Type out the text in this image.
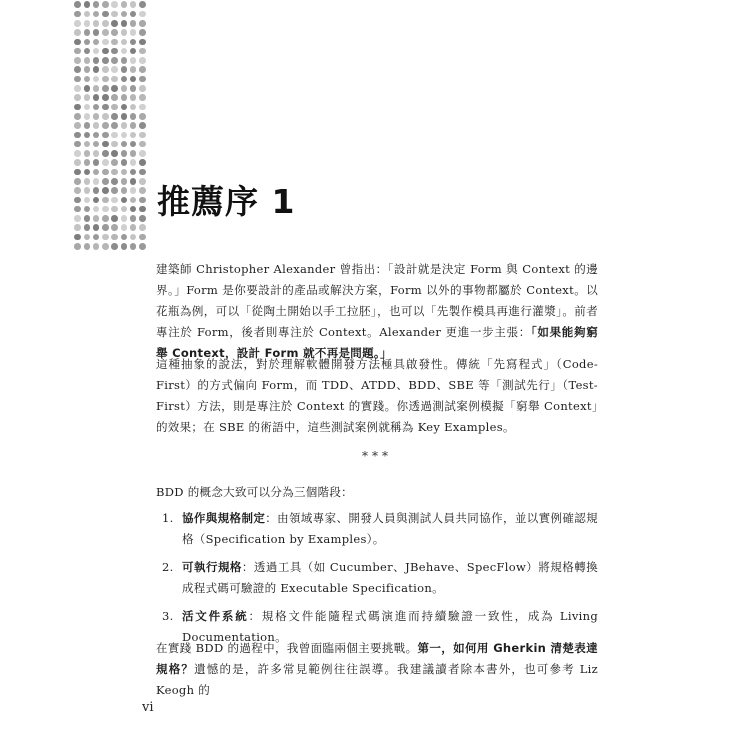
推薦序 1

建築師 Christopher Alexander 曾指出：「設計就是決定 Form 與 Context 的邊界。」Form 是你要設計的產品或解決方案，Form 以外的事物都屬於 Context。以花瓶為例，可以「從陶土開始以手工拉胚」，也可以「先製作模具再進行灌漿」。前者專注於 Form，後者則專注於 Context。Alexander 更進一步主張：「如果能夠窮舉 Context，設計 Form 就不再是問題。」

這種抽象的說法，對於理解軟體開發方法極具啟發性。傳統「先寫程式」（Code-First）的方式偏向 Form，而 TDD、ATDD、BDD、SBE 等「測試先行」（Test-First）方法，則是專注於 Context 的實踐。你透過測試案例模擬「窮舉 Context」的效果；在 SBE 的術語中，這些測試案例就稱為 Key Examples。

***

BDD 的概念大致可以分為三個階段：

1. 協作與規格制定：由領域專家、開發人員與測試人員共同協作，並以實例確認規格（Specification by Examples）。
2. 可執行規格：透過工具（如 Cucumber、JBehave、SpecFlow）將規格轉換成程式碼可驗證的 Executable Specification。
3. 活文件系統：規格文件能隨程式碼演進而持續驗證一致性，成為 Living Documentation。

在實踐 BDD 的過程中，我曾面臨兩個主要挑戰。第一，如何用 Gherkin 清楚表達規格？遺憾的是，許多常見範例往往誤導。我建議讀者除本書外，也可參考 Liz Keogh 的

vi
